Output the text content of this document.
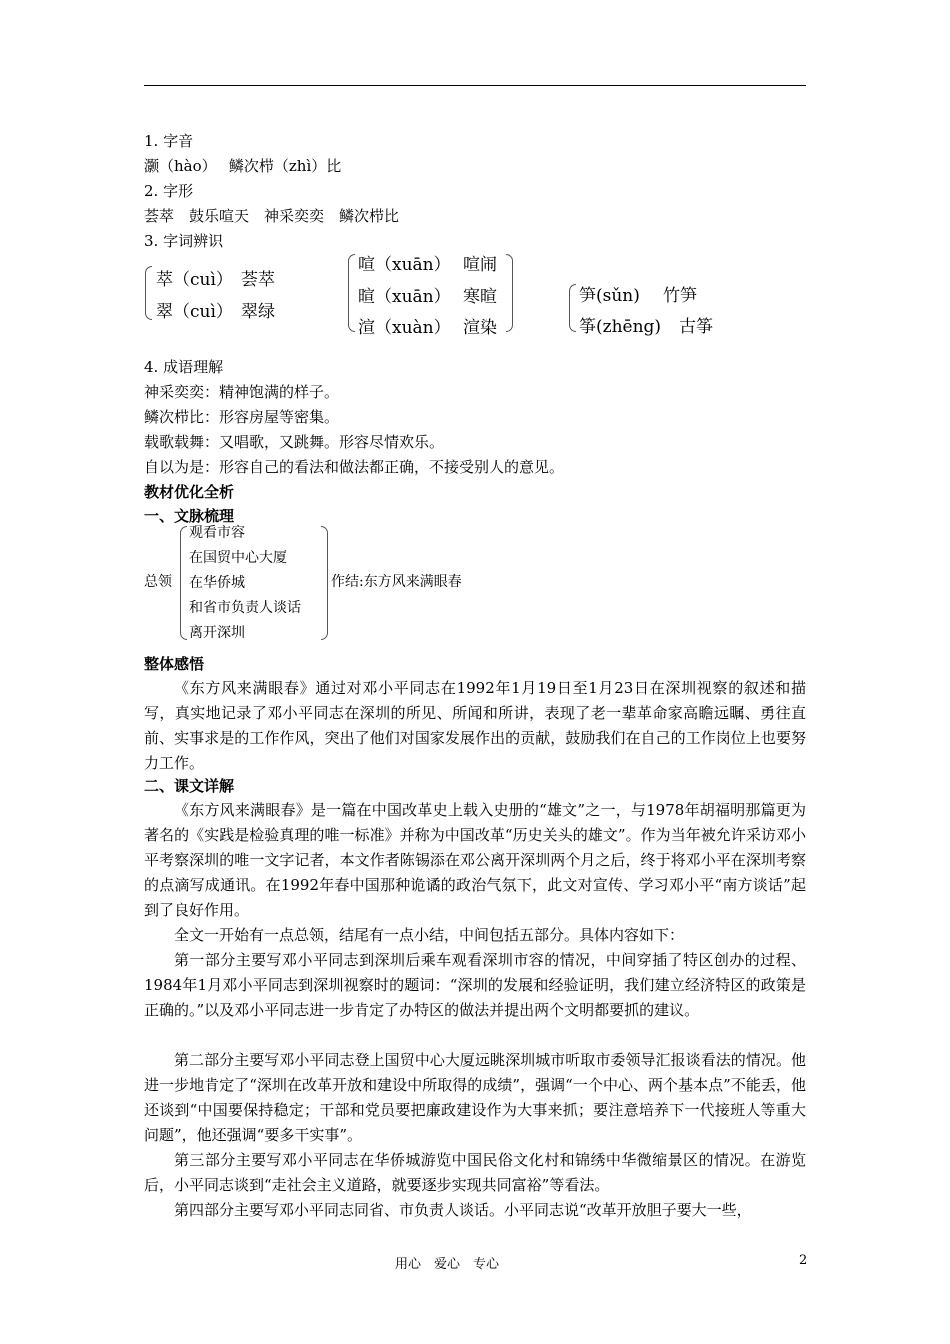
1. 字音
灏（hào）　 鳞次栉（zhì）比
2. 字形
荟萃　鼓乐喧天　神采奕奕　鳞次栉比
3. 字词辨识
萃（cuì） 荟萃
翠（cuì） 翠绿
喧（xuān） 喧闹
暄（xuān） 寒暄
渲（xuàn） 渲染
笋(sǔn) 竹笋
筝(zhēng) 古筝
4. 成语理解
神采奕奕：精神饱满的样子。
鳞次栉比：形容房屋等密集。
载歌载舞：又唱歌，又跳舞。形容尽情欢乐。
自以为是：形容自己的看法和做法都正确，不接受别人的意见。
教材优化全析
一、文脉梳理
总领
观看市容
在国贸中心大厦
在华侨城
和省市负责人谈话
离开深圳
作结:东方风来满眼春
整体感悟

《东方风来满眼春》通过对邓小平同志在1992年1月19日至1月23日在深圳视察的叙述和描写，真实地记录了邓小平同志在深圳的所见、所闻和所讲，表现了老一辈革命家高瞻远瞩、勇往直前、实事求是的工作作风，突出了他们对国家发展作出的贡献，鼓励我们在自己的工作岗位上也要努力工作。

二、课文详解

《东方风来满眼春》是一篇在中国改革史上载入史册的“雄文”之一，与1978年胡福明那篇更为著名的《实践是检验真理的唯一标准》并称为中国改革“历史关头的雄文”。作为当年被允许采访邓小平考察深圳的唯一文字记者，本文作者陈锡添在邓公离开深圳两个月之后，终于将邓小平在深圳考察的点滴写成通讯。在1992年春中国那种诡谲的政治气氛下，此文对宣传、学习邓小平“南方谈话”起到了良好作用。

全文一开始有一点总领，结尾有一点小结，中间包括五部分。具体内容如下：

第一部分主要写邓小平同志到深圳后乘车观看深圳市容的情况，中间穿插了特区创办的过程、1984年1月邓小平同志到深圳视察时的题词：“深圳的发展和经验证明，我们建立经济特区的政策是正确的。”以及邓小平同志进一步肯定了办特区的做法并提出两个文明都要抓的建议。

第二部分主要写邓小平同志登上国贸中心大厦远眺深圳城市听取市委领导汇报谈看法的情况。他进一步地肯定了“深圳在改革开放和建设中所取得的成绩”，强调“一个中心、两个基本点”不能丢，他还谈到“中国要保持稳定；干部和党员要把廉政建设作为大事来抓；要注意培养下一代接班人等重大问题”，他还强调“要多干实事”。

第三部分主要写邓小平同志在华侨城游览中国民俗文化村和锦绣中华微缩景区的情况。在游览后，小平同志谈到“走社会主义道路，就要逐步实现共同富裕”等看法。

第四部分主要写邓小平同志同省、市负责人谈话。小平同志说“改革开放胆子要大一些，

用心　爱心　专心	2
